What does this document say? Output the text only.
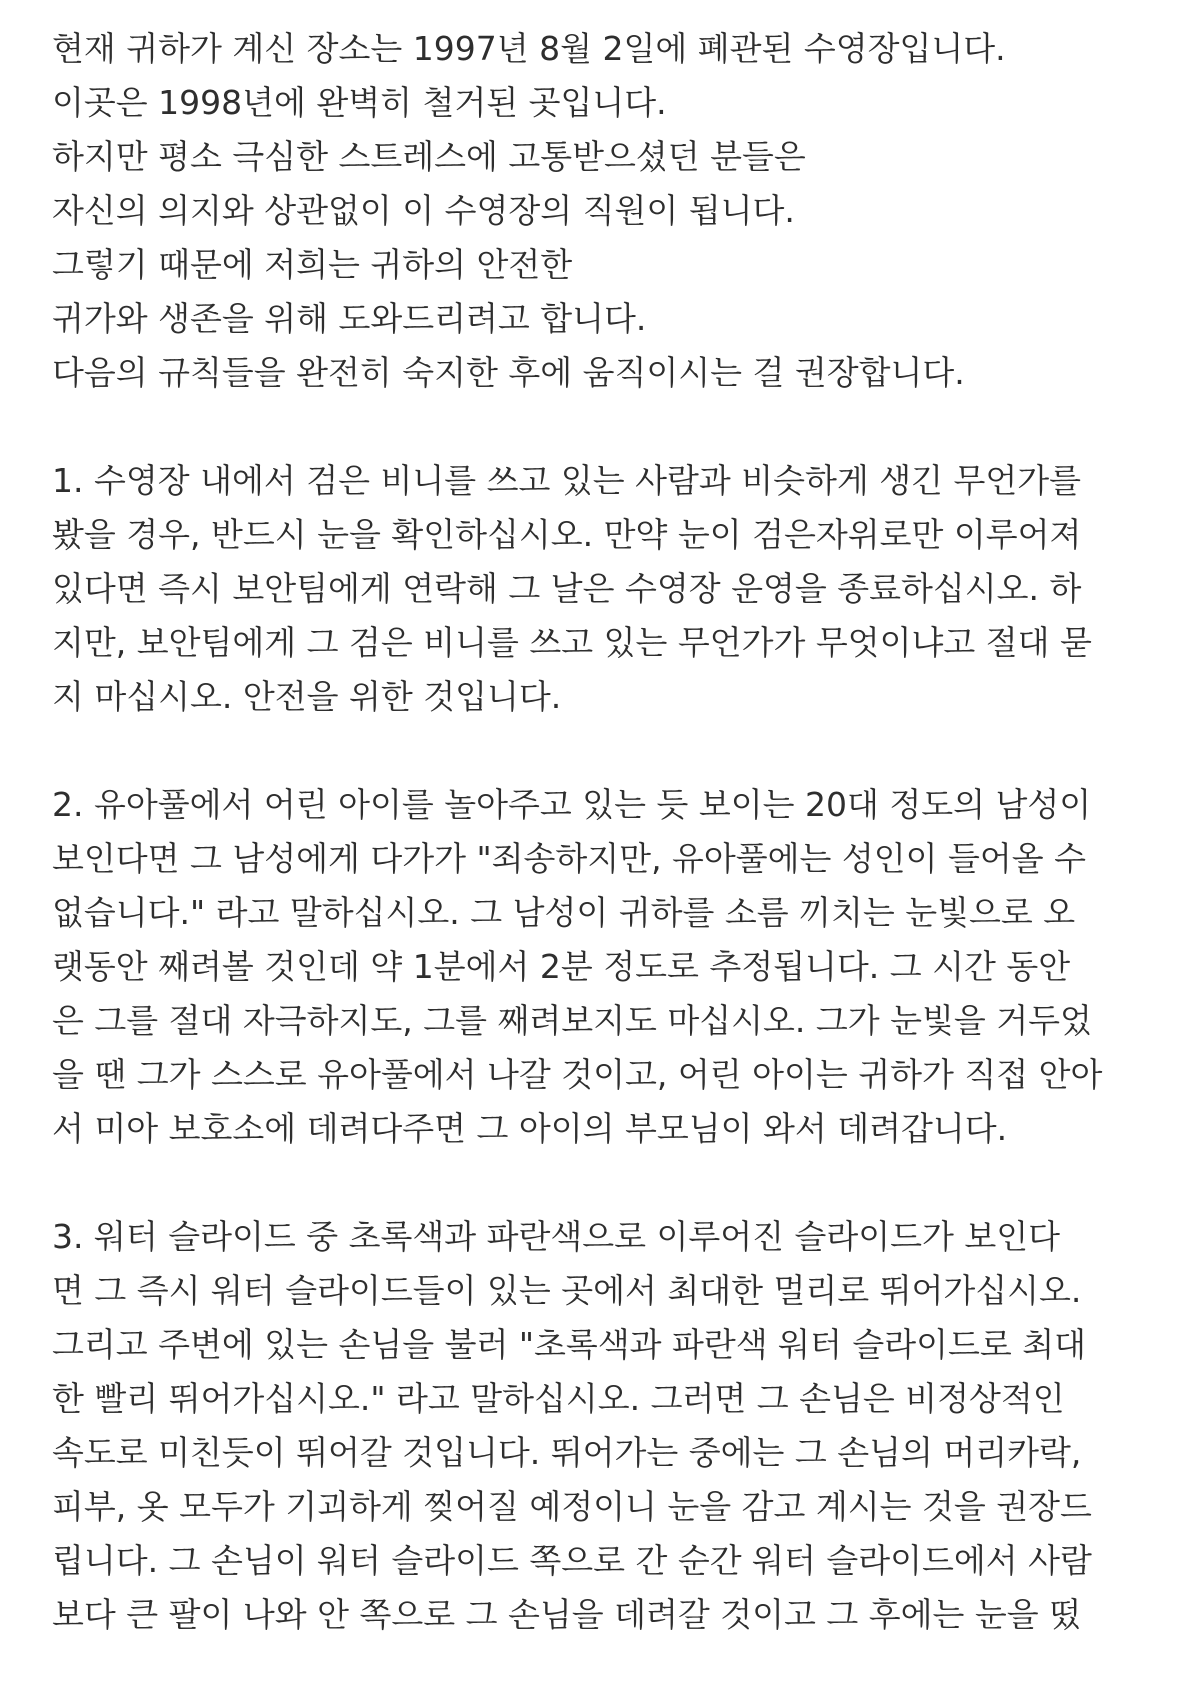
현재 귀하가 계신 장소는 1997년 8월 2일에 폐관된 수영장입니다.
이곳은 1998년에 완벽히 철거된 곳입니다.
하지만 평소 극심한 스트레스에 고통받으셨던 분들은
자신의 의지와 상관없이 이 수영장의 직원이 됩니다.
그렇기 때문에 저희는 귀하의 안전한
귀가와 생존을 위해 도와드리려고 합니다.
다음의 규칙들을 완전히 숙지한 후에 움직이시는 걸 권장합니다.
1. 수영장 내에서 검은 비니를 쓰고 있는 사람과 비슷하게 생긴 무언가를
봤을 경우, 반드시 눈을 확인하십시오. 만약 눈이 검은자위로만 이루어져
있다면 즉시 보안팀에게 연락해 그 날은 수영장 운영을 종료하십시오. 하
지만, 보안팀에게 그 검은 비니를 쓰고 있는 무언가가 무엇이냐고 절대 묻
지 마십시오. 안전을 위한 것입니다.
2. 유아풀에서 어린 아이를 놀아주고 있는 듯 보이는 20대 정도의 남성이
보인다면 그 남성에게 다가가 "죄송하지만, 유아풀에는 성인이 들어올 수
없습니다." 라고 말하십시오. 그 남성이 귀하를 소름 끼치는 눈빛으로 오
랫동안 째려볼 것인데 약 1분에서 2분 정도로 추정됩니다. 그 시간 동안
은 그를 절대 자극하지도, 그를 째려보지도 마십시오. 그가 눈빛을 거두었
을 땐 그가 스스로 유아풀에서 나갈 것이고, 어린 아이는 귀하가 직접 안아
서 미아 보호소에 데려다주면 그 아이의 부모님이 와서 데려갑니다.
3. 워터 슬라이드 중 초록색과 파란색으로 이루어진 슬라이드가 보인다
면 그 즉시 워터 슬라이드들이 있는 곳에서 최대한 멀리로 뛰어가십시오.
그리고 주변에 있는 손님을 불러 "초록색과 파란색 워터 슬라이드로 최대
한 빨리 뛰어가십시오." 라고 말하십시오. 그러면 그 손님은 비정상적인
속도로 미친듯이 뛰어갈 것입니다. 뛰어가는 중에는 그 손님의 머리카락,
피부, 옷 모두가 기괴하게 찢어질 예정이니 눈을 감고 계시는 것을 권장드
립니다. 그 손님이 워터 슬라이드 쪽으로 간 순간 워터 슬라이드에서 사람
보다 큰 팔이 나와 안 쪽으로 그 손님을 데려갈 것이고 그 후에는 눈을 떴
